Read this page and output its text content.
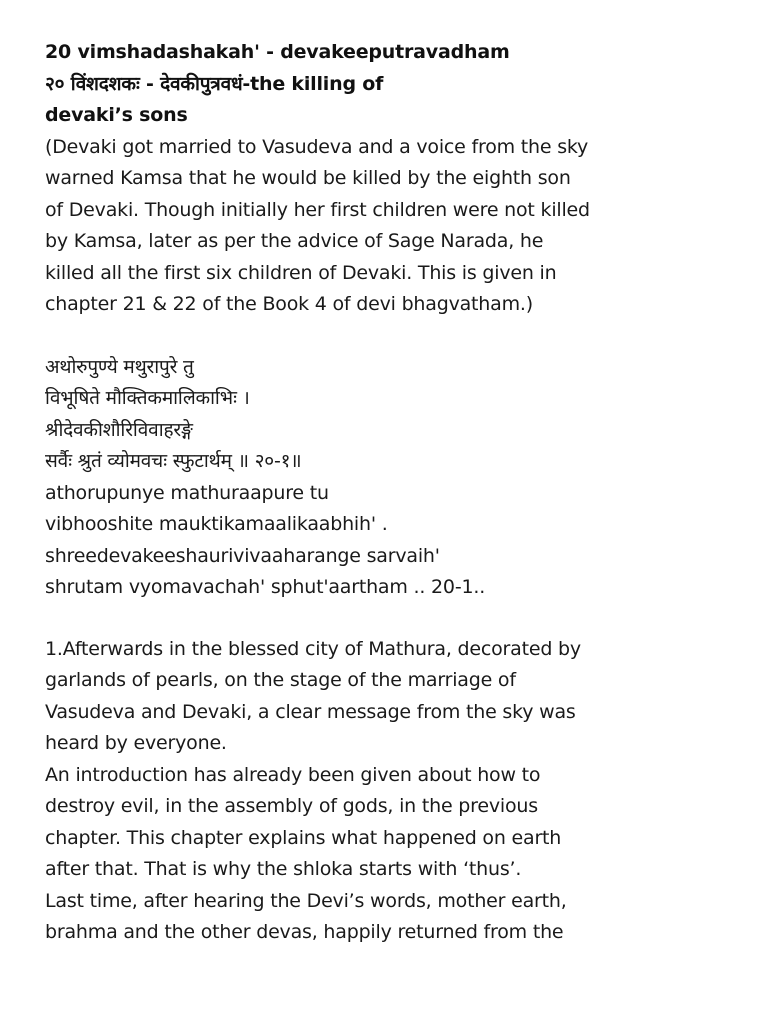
20 vimshadashakah' - devakeeputravadham
२० विंशदशकः - देवकीपुत्रवधं-the killing of
devaki’s sons
(Devaki got married to Vasudeva and a voice from the sky
warned Kamsa that he would be killed by the eighth son
of Devaki. Though initially her first children were not killed
by Kamsa, later as per the advice of Sage Narada, he
killed all the first six children of Devaki. This is given in
chapter 21 & 22 of the Book 4 of devi bhagvatham.)
अथोरुपुण्ये मथुरापुरे तु
विभूषिते मौक्तिकमालिकाभिः ।
श्रीदेवकीशौरिविवाहरङ्गे
सर्वैः श्रुतं व्योमवचः स्फुटार्थम् ॥ २०-१॥
athorupunye mathuraapure tu
vibhooshite mauktikamaalikaabhih' .
shreedevakeeshaurivivaaharange sarvaih'
shrutam vyomavachah' sphut'aartham .. 20-1..
1.Afterwards in the blessed city of Mathura, decorated by
garlands of pearls, on the stage of the marriage of
Vasudeva and Devaki, a clear message from the sky was
heard by everyone.
An introduction has already been given about how to
destroy evil, in the assembly of gods, in the previous
chapter. This chapter explains what happened on earth
after that. That is why the shloka starts with ‘thus’.
Last time, after hearing the Devi’s words, mother earth,
brahma and the other devas, happily returned from the
